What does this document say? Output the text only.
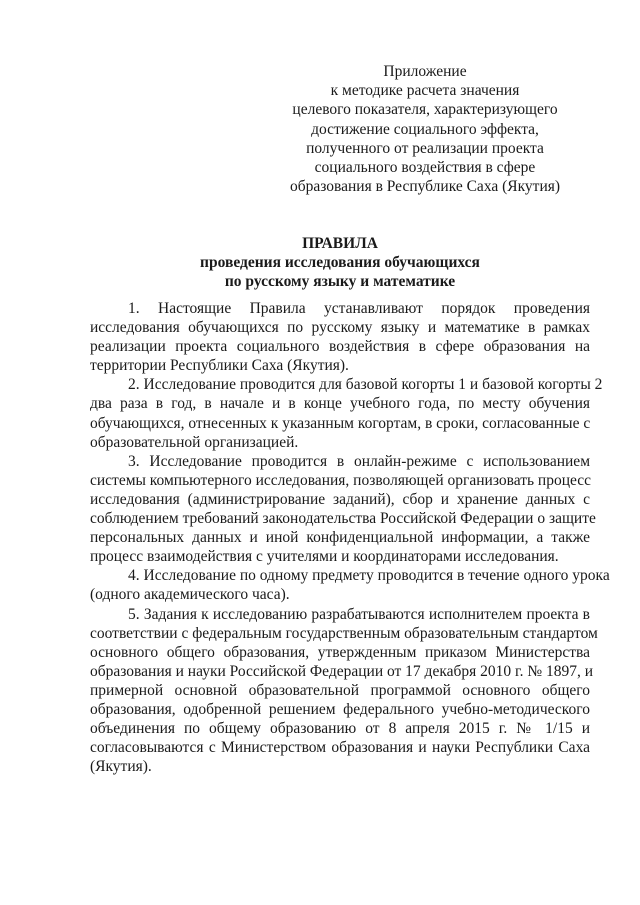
Приложение
к методике расчета значения
целевого показателя, характеризующего
достижение социального эффекта,
полученного от реализации проекта
социального воздействия в сфере
образования в Республике Саха (Якутия)
ПРАВИЛА
проведения исследования обучающихся
по русскому языку и математике
1. Настоящие Правила устанавливают порядок проведения
исследования обучающихся по русскому языку и математике в рамках
реализации проекта социального воздействия в сфере образования на
территории Республики Саха (Якутия).
2. Исследование проводится для базовой когорты 1 и базовой когорты 2
два раза в год, в начале и в конце учебного года, по месту обучения
обучающихся, отнесенных к указанным когортам, в сроки, согласованные с
образовательной организацией.
3. Исследование проводится в онлайн-режиме с использованием
системы компьютерного исследования, позволяющей организовать процесс
исследования (администрирование заданий), сбор и хранение данных с
соблюдением требований законодательства Российской Федерации о защите
персональных данных и иной конфиденциальной информации, а также
процесс взаимодействия с учителями и координаторами исследования.
4. Исследование по одному предмету проводится в течение одного урока
(одного академического часа).
5. Задания к исследованию разрабатываются исполнителем проекта в
соответствии с федеральным государственным образовательным стандартом
основного общего образования, утвержденным приказом Министерства
образования и науки Российской Федерации от 17 декабря 2010 г. № 1897, и
примерной основной образовательной программой основного общего
образования, одобренной решением федерального учебно-методического
объединения по общему образованию от 8 апреля 2015 г. № 1/15 и
согласовываются с Министерством образования и науки Республики Саха
(Якутия).
